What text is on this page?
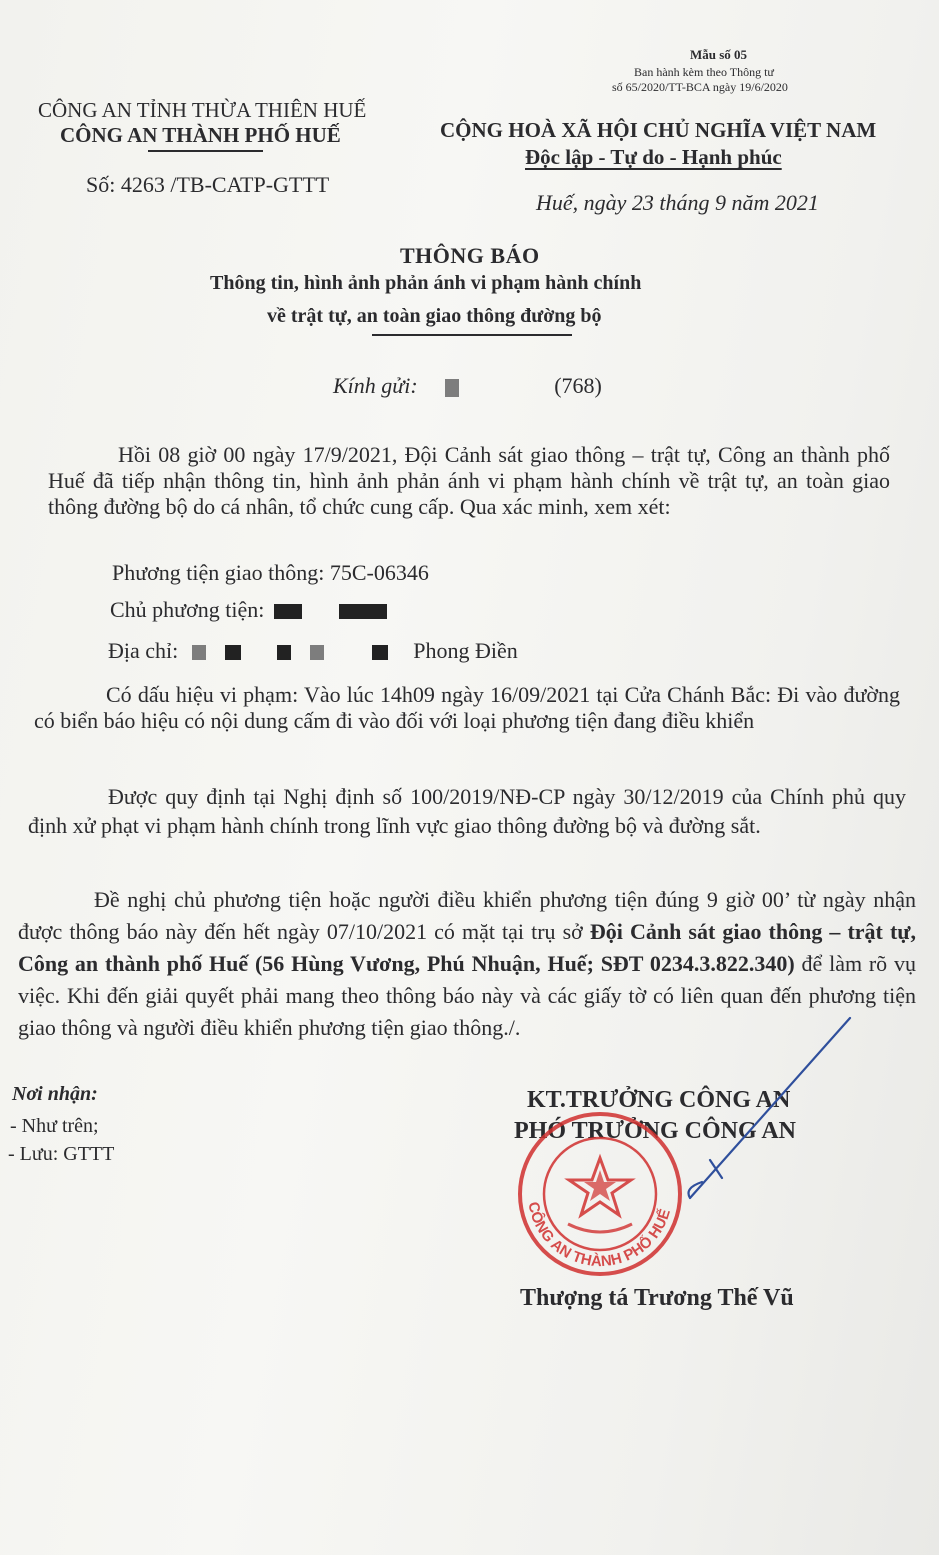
Mẫu số 05
Ban hành kèm theo Thông tư
số 65/2020/TT-BCA ngày 19/6/2020
CÔNG AN TỈNH THỪA THIÊN HUẾ
CÔNG AN THÀNH PHỐ HUẾ
Số: 4263 /TB-CATP-GTTT
CỘNG HOÀ XÃ HỘI CHỦ NGHĨA VIỆT NAM
Độc lập - Tự do - Hạnh phúc
Huế, ngày 23 tháng 9 năm 2021
THÔNG BÁO
Thông tin, hình ảnh phản ánh vi phạm hành chính
về trật tự, an toàn giao thông đường bộ
Kính gửi:	(768)
Hồi 08 giờ 00 ngày 17/9/2021, Đội Cảnh sát giao thông – trật tự, Công an thành phố Huế đã tiếp nhận thông tin, hình ảnh phản ánh vi phạm hành chính về trật tự, an toàn giao thông đường bộ do cá nhân, tổ chức cung cấp. Qua xác minh, xem xét:
Phương tiện giao thông: 75C-06346
Chủ phương tiện:
Địa chỉ:	Phong Điền
Có dấu hiệu vi phạm: Vào lúc 14h09 ngày 16/09/2021 tại Cửa Chánh Bắc: Đi vào đường có biển báo hiệu có nội dung cấm đi vào đối với loại phương tiện đang điều khiển
Được quy định tại Nghị định số 100/2019/NĐ-CP ngày 30/12/2019 của Chính phủ quy định xử phạt vi phạm hành chính trong lĩnh vực giao thông đường bộ và đường sắt.
Đề nghị chủ phương tiện hoặc người điều khiển phương tiện đúng 9 giờ 00’ từ ngày nhận được thông báo này đến hết ngày 07/10/2021 có mặt tại trụ sở Đội Cảnh sát giao thông – trật tự, Công an thành phố Huế (56 Hùng Vương, Phú Nhuận, Huế; SĐT 0234.3.822.340) để làm rõ vụ việc. Khi đến giải quyết phải mang theo thông báo này và các giấy tờ có liên quan đến phương tiện giao thông và người điều khiển phương tiện giao thông./.
Nơi nhận:
- Như trên;
- Lưu: GTTT
KT.TRƯỞNG CÔNG AN
PHÓ TRƯỞNG CÔNG AN
CÔNG AN THÀNH PHỐ HUẾ
Thượng tá Trương Thế Vũ
